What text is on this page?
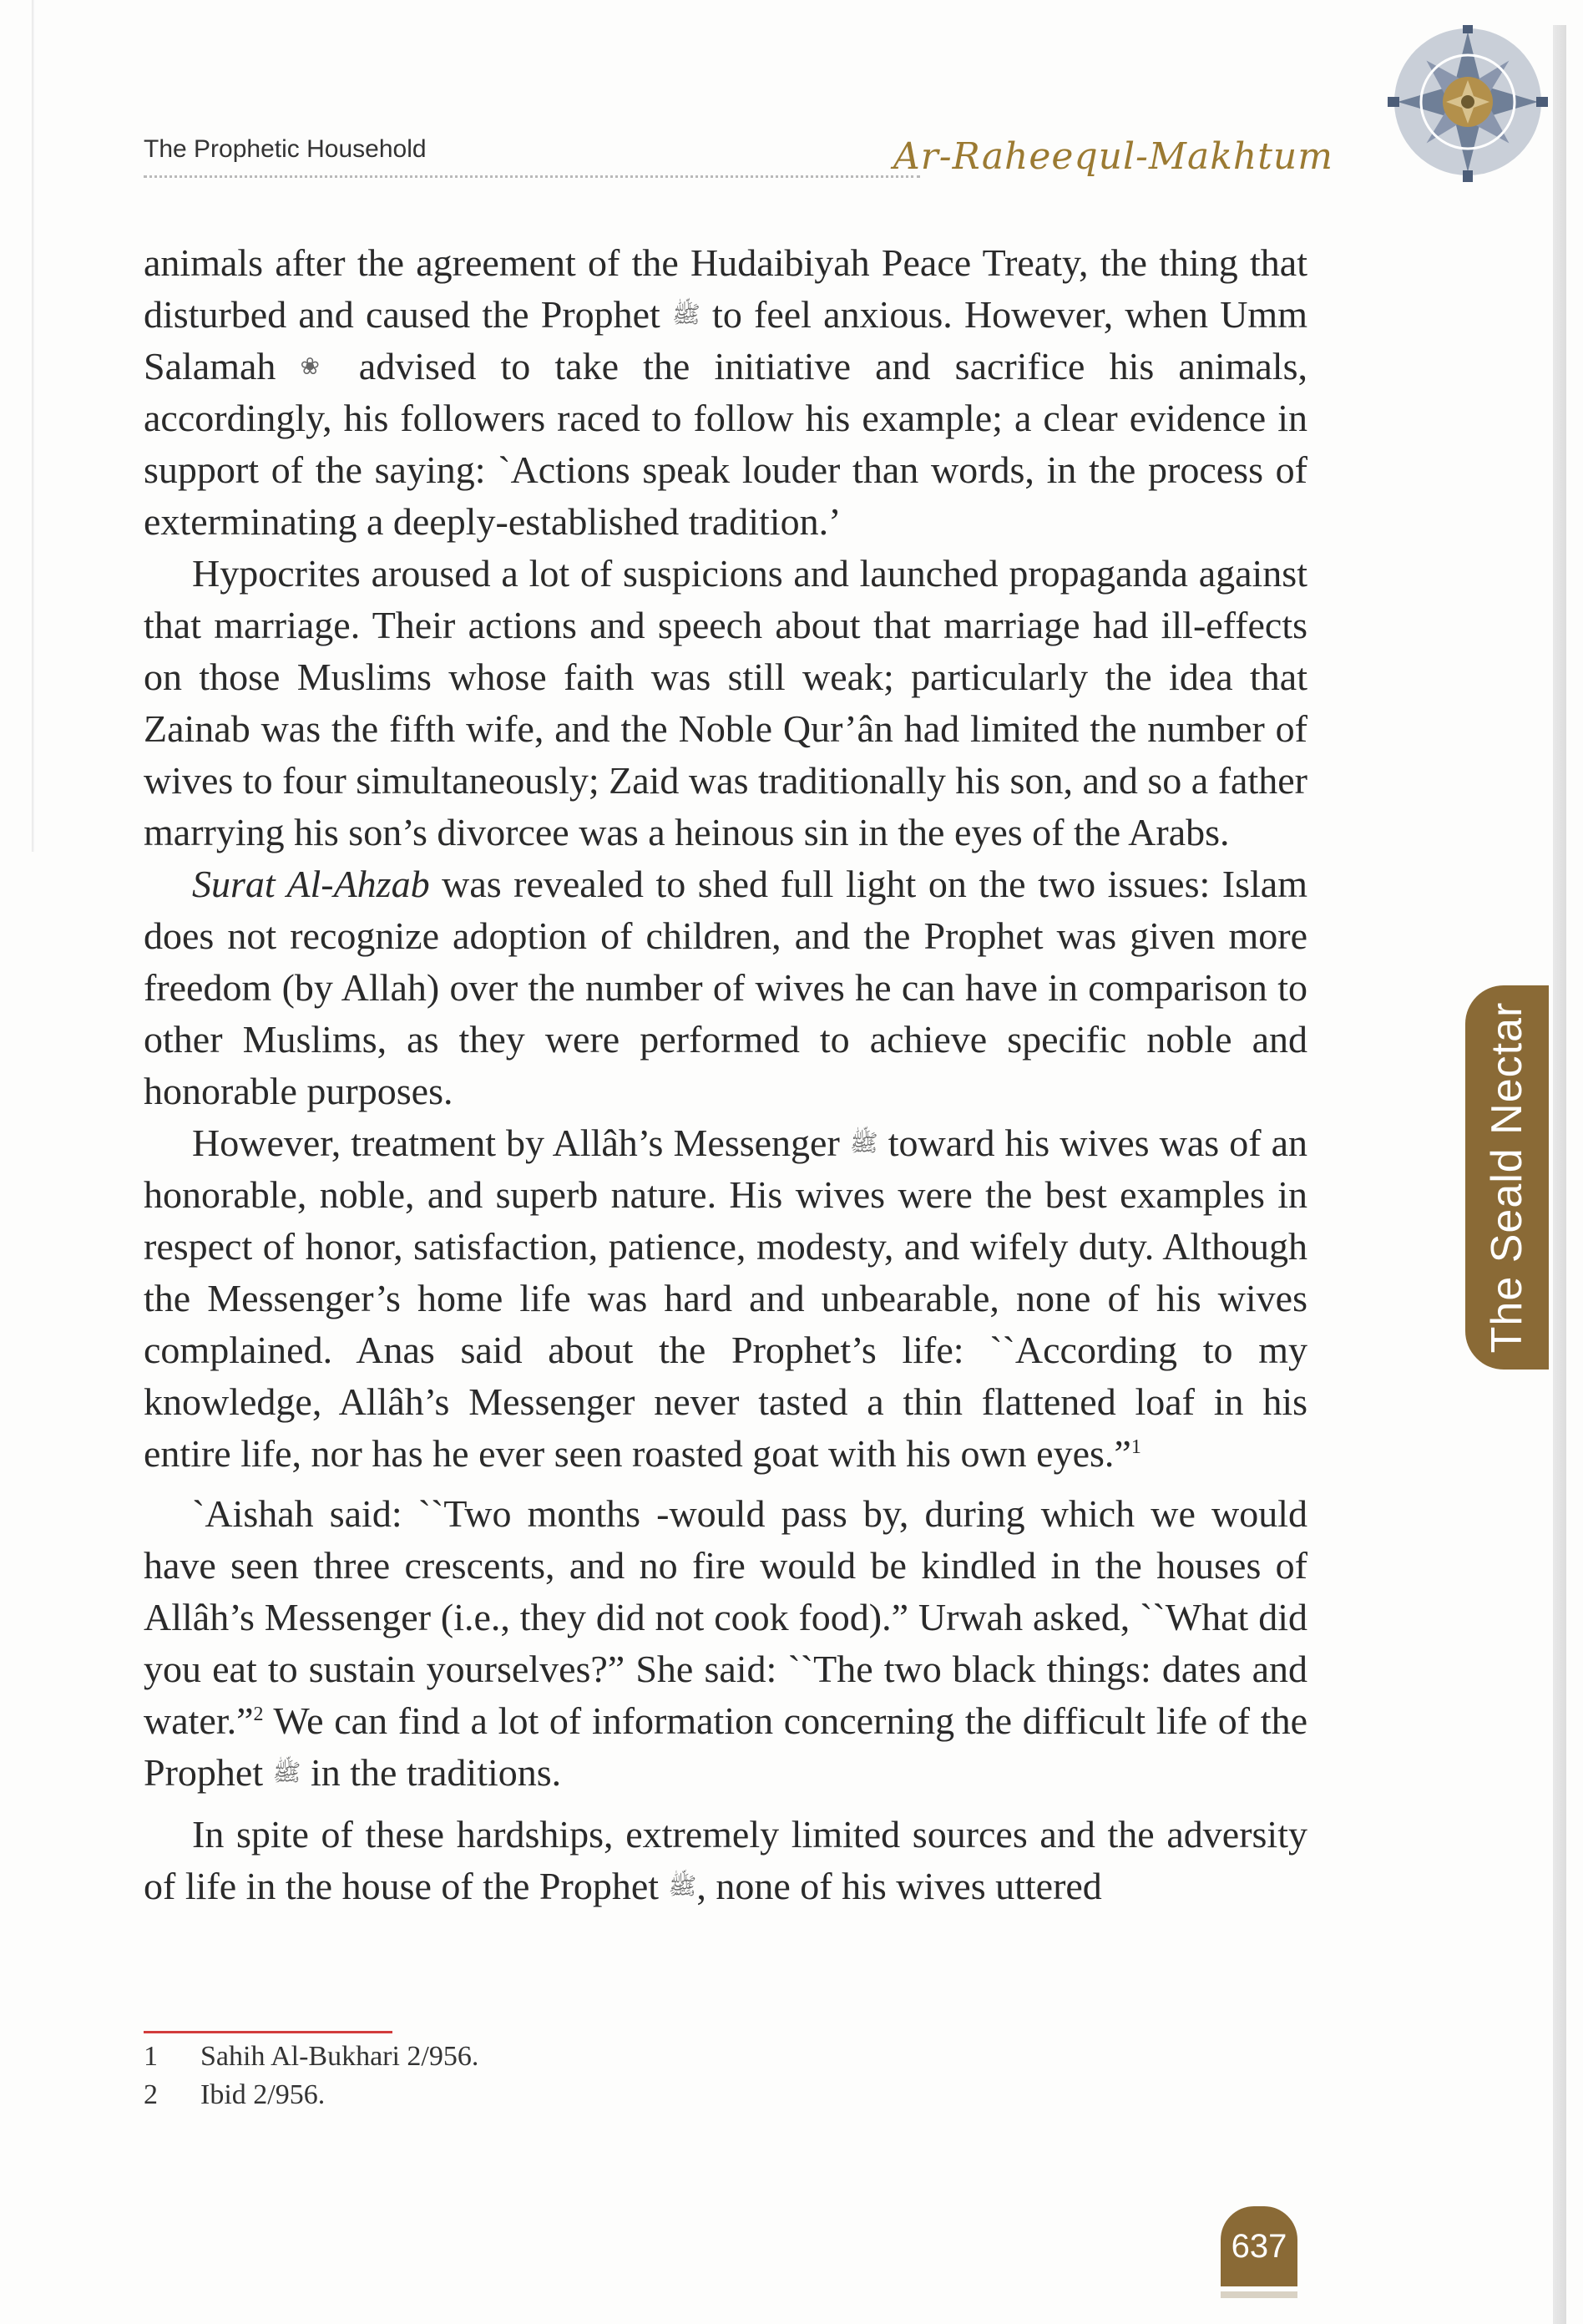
The Prophetic Household	Ar-Raheequl-Makhtum
The Seald Nectar

animals after the agreement of the Hudaibiyah Peace Treaty, the thing that disturbed and caused the Prophet ﷺ to feel anxious. However, when Umm Salamah ❀ advised to take the initiative and sacrifice his animals, accordingly, his followers raced to follow his example; a clear evidence in support of the saying: `Actions speak louder than words, in the process of exterminating a deeply-established tradition.’

Hypocrites aroused a lot of suspicions and launched propaganda against that marriage. Their actions and speech about that marriage had ill-effects on those Muslims whose faith was still weak; particularly the idea that Zainab was the fifth wife, and the Noble Qur’ân had limited the number of wives to four simultaneously; Zaid was traditionally his son, and so a father marrying his son’s divorcee was a heinous sin in the eyes of the Arabs.

Surat Al-Ahzab was revealed to shed full light on the two issues: Islam does not recognize adoption of children, and the Prophet was given more freedom (by Allah) over the number of wives he can have in comparison to other Muslims, as they were performed to achieve specific noble and honorable purposes.

However, treatment by Allâh’s Messenger ﷺ toward his wives was of an honorable, noble, and superb nature. His wives were the best examples in respect of honor, satisfaction, patience, modesty, and wifely duty. Although the Messenger’s home life was hard and unbearable, none of his wives complained. Anas said about the Prophet’s life: ``According to my knowledge, Allâh’s Messenger never tasted a thin flattened loaf in his entire life, nor has he ever seen roasted goat with his own eyes.”$^1$

`Aishah said: ``Two months -would pass by, during which we would have seen three crescents, and no fire would be kindled in the houses of Allâh’s Messenger (i.e., they did not cook food).” Urwah asked, ``What did you eat to sustain yourselves?” She said: ``The two black things: dates and water.”$^2$ We can find a lot of information concerning the difficult life of the Prophet ﷺ in the traditions.

In spite of these hardships, extremely limited sources and the adversity of life in the house of the Prophet ﷺ, none of his wives uttered

1	Sahih Al-Bukhari 2/956.
2	Ibid 2/956.
637
